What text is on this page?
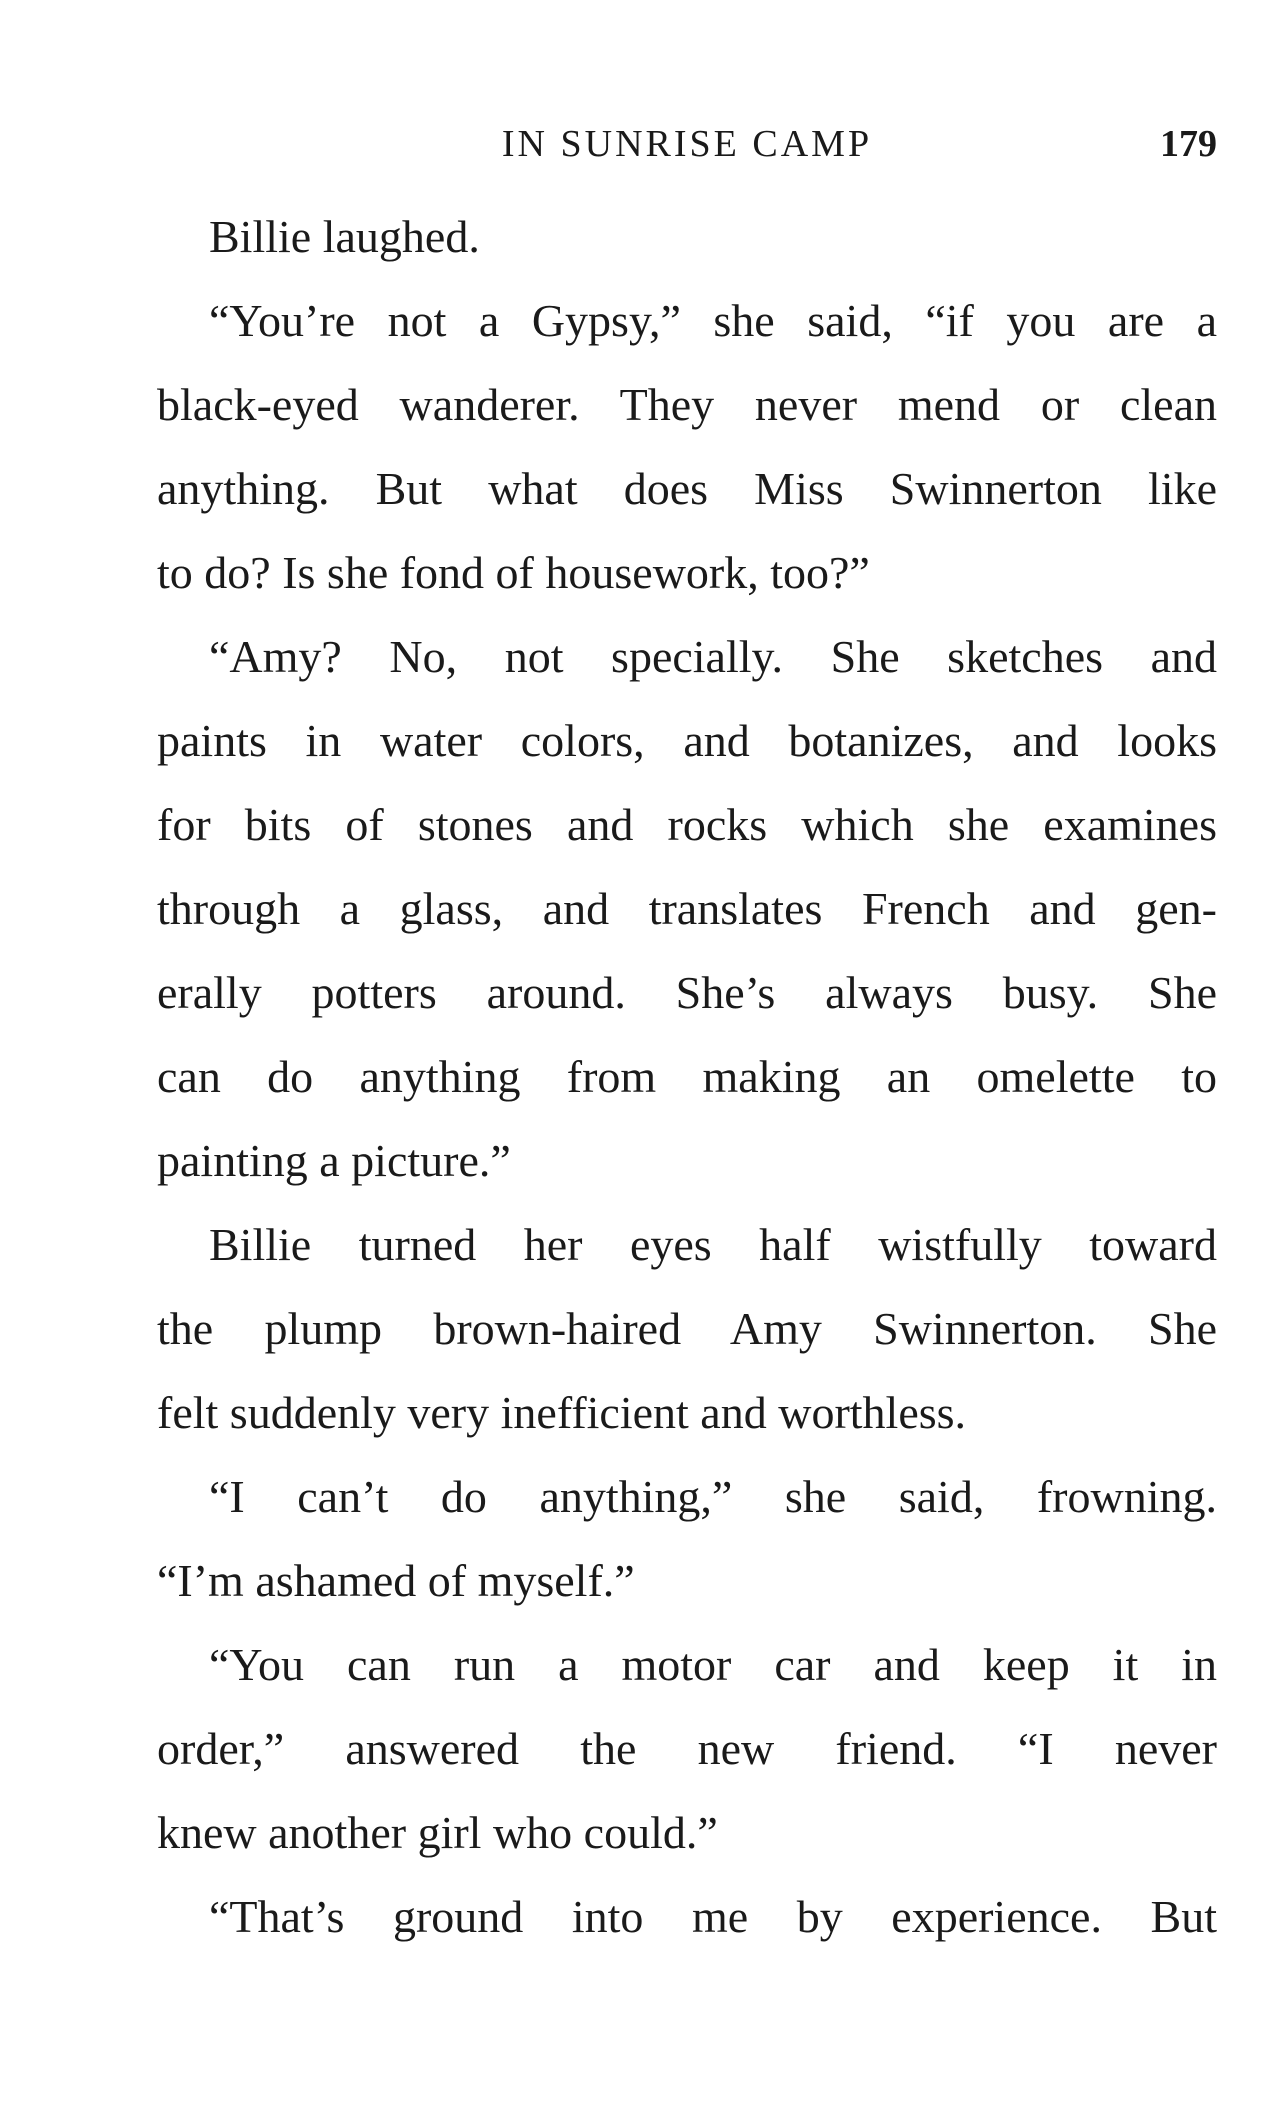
IN SUNRISE CAMP	179
Billie laughed.
“You’re not a Gypsy,” she said, “if you are a
black-eyed wanderer. They never mend or clean
anything. But what does Miss Swinnerton like
to do? Is she fond of housework, too?”
“Amy? No, not specially. She sketches and
paints in water colors, and botanizes, and looks
for bits of stones and rocks which she examines
through a glass, and translates French and gen-
erally potters around. She’s always busy. She
can do anything from making an omelette to
painting a picture.”
Billie turned her eyes half wistfully toward
the plump brown-haired Amy Swinnerton. She
felt suddenly very inefficient and worthless.
“I can’t do anything,” she said, frowning.
“I’m ashamed of myself.”
“You can run a motor car and keep it in
order,” answered the new friend. “I never
knew another girl who could.”
“That’s ground into me by experience. But
